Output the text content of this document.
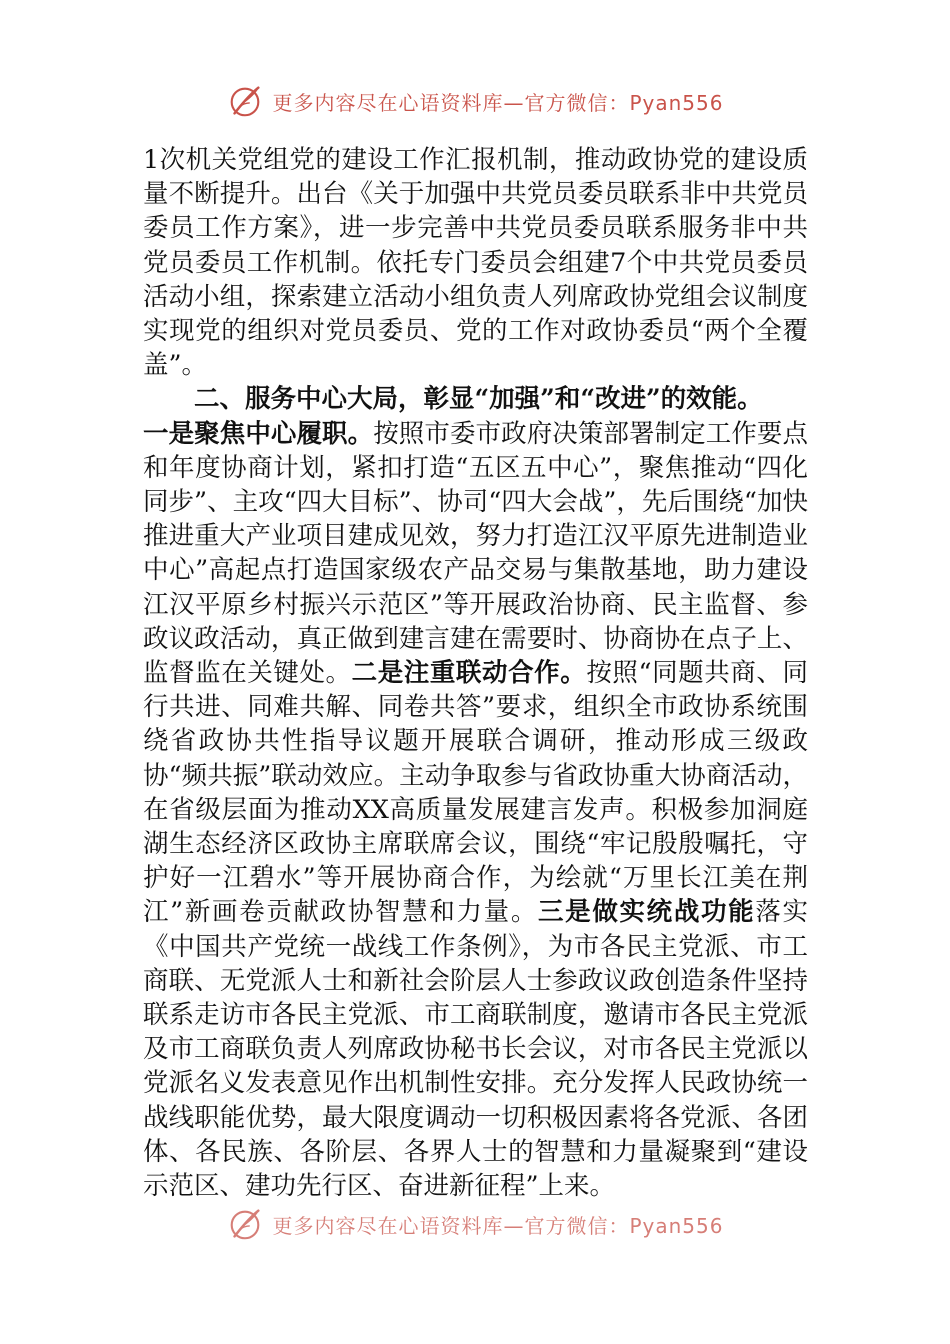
更多内容尽在心语资料库—官方微信：Pyan556

1次机关党组党的建设工作汇报机制，推动政协党的建设质量不断提升。出台《关于加强中共党员委员联系非中共党员委员工作方案》，进一步完善中共党员委员联系服务非中共党员委员工作机制。依托专门委员会组建7个中共党员委员活动小组，探索建立活动小组负责人列席政协党组会议制度实现党的组织对党员委员、党的工作对政协委员“两个全覆盖”。

二、服务中心大局，彰显“加强”和“改进”的效能。

一是聚焦中心履职。按照市委市政府决策部署制定工作要点和年度协商计划，紧扣打造“五区五中心”，聚焦推动“四化同步”、主攻“四大目标”、协司“四大会战”，先后围绕“加快推进重大产业项目建成见效，努力打造江汉平原先进制造业中心”高起点打造国家级农产品交易与集散基地，助力建设江汉平原乡村振兴示范区”等开展政治协商、民主监督、参政议政活动，真正做到建言建在需要时、协商协在点子上、监督监在关键处。二是注重联动合作。按照“同题共商、同行共进、同难共解、同卷共答”要求，组织全市政协系统围绕省政协共性指导议题开展联合调研，推动形成三级政协“频共振”联动效应。主动争取参与省政协重大协商活动，在省级层面为推动XX高质量发展建言发声。积极参加洞庭湖生态经济区政协主席联席会议，围绕“牢记殷殷嘱托，守护好一江碧水”等开展协商合作，为绘就“万里长江美在荆江”新画卷贡献政协智慧和力量。三是做实统战功能落实《中国共产党统一战线工作条例》，为市各民主党派、市工商联、无党派人士和新社会阶层人士参政议政创造条件坚持联系走访市各民主党派、市工商联制度，邀请市各民主党派及市工商联负责人列席政协秘书长会议，对市各民主党派以党派名义发表意见作出机制性安排。充分发挥人民政协统一战线职能优势，最大限度调动一切积极因素将各党派、各团体、各民族、各阶层、各界人士的智慧和力量凝聚到“建设示范区、建功先行区、奋进新征程”上来。

更多内容尽在心语资料库—官方微信：Pyan556
